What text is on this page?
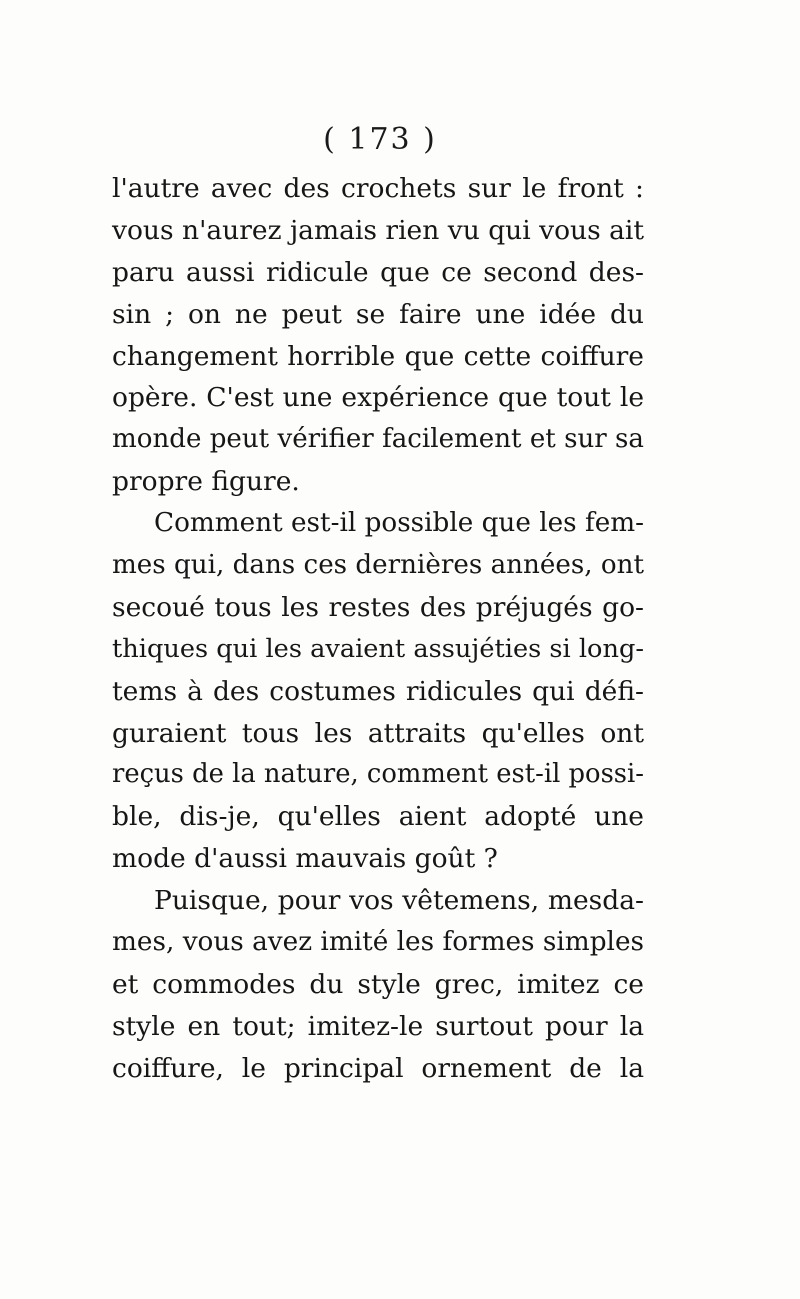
( 173 )
l'autre avec des crochets sur le front :
vous n'aurez jamais rien vu qui vous ait
paru aussi ridicule que ce second des-
sin ; on ne peut se faire une idée du
changement horrible que cette coiffure
opère. C'est une expérience que tout le
monde peut vérifier facilement et sur sa
propre figure.
Comment est-il possible que les fem-
mes qui, dans ces dernières années, ont
secoué tous les restes des préjugés go-
thiques qui les avaient assujéties si long-
tems à des costumes ridicules qui défi-
guraient tous les attraits qu'elles ont
reçus de la nature, comment est-il possi-
ble, dis-je, qu'elles aient adopté une
mode d'aussi mauvais goût ?
Puisque, pour vos vêtemens, mesda-
mes, vous avez imité les formes simples
et commodes du style grec, imitez ce
style en tout; imitez-le surtout pour la
coiffure, le principal ornement de la
